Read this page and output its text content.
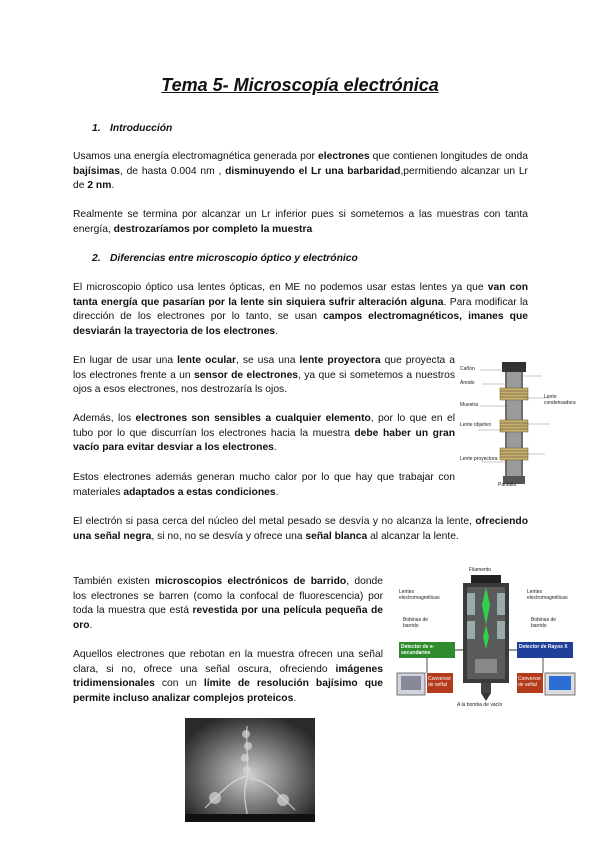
Tema 5- Microscopía electrónica
1. Introducción

Usamos una energía electromagnética generada por electrones que contienen longitudes de onda bajísimas, de hasta 0.004 nm , disminuyendo el Lr una barbaridad,permitiendo alcanzar un Lr de 2 nm.

Realmente se termina por alcanzar un Lr inferior pues si sometemos a las muestras con tanta energía, destrozaríamos por completo la muestra

2. Diferencias entre microscopio óptico y electrónico

El microscopio óptico usa lentes ópticas, en ME no podemos usar estas lentes ya que van con tanta energía que pasarían por la lente sin siquiera sufrir alteración alguna. Para modificar la dirección de los electrones por lo tanto, se usan campos electromagnéticos, imanes que desviarán la trayectoria de los electrones.

En lugar de usar una lente ocular, se usa una lente proyectora que proyecta a los electrones frente a un sensor de electrones, ya que si sometemos a nuestros ojos a esos electrones, nos destrozaría ls ojos.

Además, los electrones son sensibles a cualquier elemento, por lo que en el tubo por lo que discurrían los electrones hacia la muestra debe haber un gran vacío para evitar desviar a los electrones.

Estos electrones además generan mucho calor por lo que hay que trabajar con materiales adaptados a estas condiciones.

El electrón si pasa cerca del núcleo del metal pesado se desvía y no alcanza la lente, ofreciendo una señal negra, si no, no se desvía y ofrece una señal blanca al alcanzar la lente.

También existen microscopios electrónicos de barrido, donde los electrones se barren (como la confocal de fluorescencia) por toda la muestra que está revestida por una película pequeña de oro.

Aquellos electrones que rebotan en la muestra ofrecen una señal clara, si no, ofrece una señal oscura, ofreciendo imágenes tridimensionales con un límite de resolución bajísimo que permite incluso analizar complejos proteicos.

Cañón
Ánodo
Lente condensadora
Muestra
Lente objetivo
Lente proyectora
Pantalla
Filamento
Lentes electromagnéticas
Lentes electromagnéticas
Bobinas de barrido
Bobinas de barrido
Detector de e- secundarios
Detector de Rayos X
Conversor de señal
Conversor de señal
A la bomba de vacío
